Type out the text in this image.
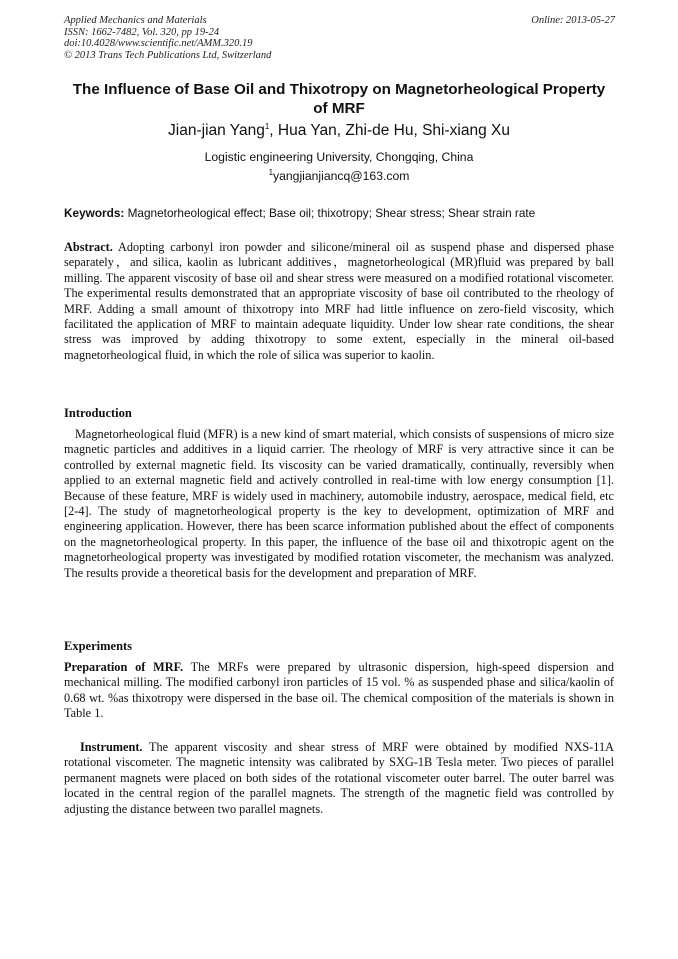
Applied Mechanics and Materials
ISSN: 1662-7482, Vol. 320, pp 19-24
doi:10.4028/www.scientific.net/AMM.320.19
© 2013 Trans Tech Publications Ltd, Switzerland
Online: 2013-05-27
The Influence of Base Oil and Thixotropy on Magnetorheological Property of MRF
Jian-jian Yang$^1$, Hua Yan, Zhi-de Hu, Shi-xiang Xu
Logistic engineering University, Chongqing, China
$^1$yangjianjiancq@163.com
Keywords: Magnetorheological effect; Base oil; thixotropy; Shear stress; Shear strain rate
Abstract. Adopting carbonyl iron powder and silicone/mineral oil as suspend phase and dispersed phase separately，and silica, kaolin as lubricant additives，magnetorheological (MR)fluid was prepared by ball milling. The apparent viscosity of base oil and shear stress were measured on a modified rotational viscometer. The experimental results demonstrated that an appropriate viscosity of base oil contributed to the rheology of MRF. Adding a small amount of thixotropy into MRF had little influence on zero-field viscosity, which facilitated the application of MRF to maintain adequate liquidity. Under low shear rate conditions, the shear stress was improved by adding thixotropy to some extent, especially in the mineral oil-based magnetorheological fluid, in which the role of silica was superior to kaolin.
Introduction
Magnetorheological fluid (MFR) is a new kind of smart material, which consists of suspensions of micro size magnetic particles and additives in a liquid carrier. The rheology of MRF is very attractive since it can be controlled by external magnetic field. Its viscosity can be varied dramatically, continually, reversibly when applied to an external magnetic field and actively controlled in real-time with low energy consumption [1]. Because of these feature, MRF is widely used in machinery, automobile industry, aerospace, medical field, etc [2-4]. The study of magnetorheological property is the key to development, optimization of MRF and engineering application. However, there has been scarce information published about the effect of components on the magnetorheological property. In this paper, the influence of the base oil and thixotropic agent on the magnetorheological property was investigated by modified rotation viscometer, the mechanism was analyzed. The results provide a theoretical basis for the development and preparation of MRF.
Experiments
Preparation of MRF. The MRFs were prepared by ultrasonic dispersion, high-speed dispersion and mechanical milling. The modified carbonyl iron particles of 15 vol. % as suspended phase and silica/kaolin of 0.68 wt. %as thixotropy were dispersed in the base oil. The chemical composition of the materials is shown in Table 1.
Instrument. The apparent viscosity and shear stress of MRF were obtained by modified NXS-11A rotational viscometer. The magnetic intensity was calibrated by SXG-1B Tesla meter. Two pieces of parallel permanent magnets were placed on both sides of the rotational viscometer outer barrel. The outer barrel was located in the central region of the parallel magnets. The strength of the magnetic field was controlled by adjusting the distance between two parallel magnets.
